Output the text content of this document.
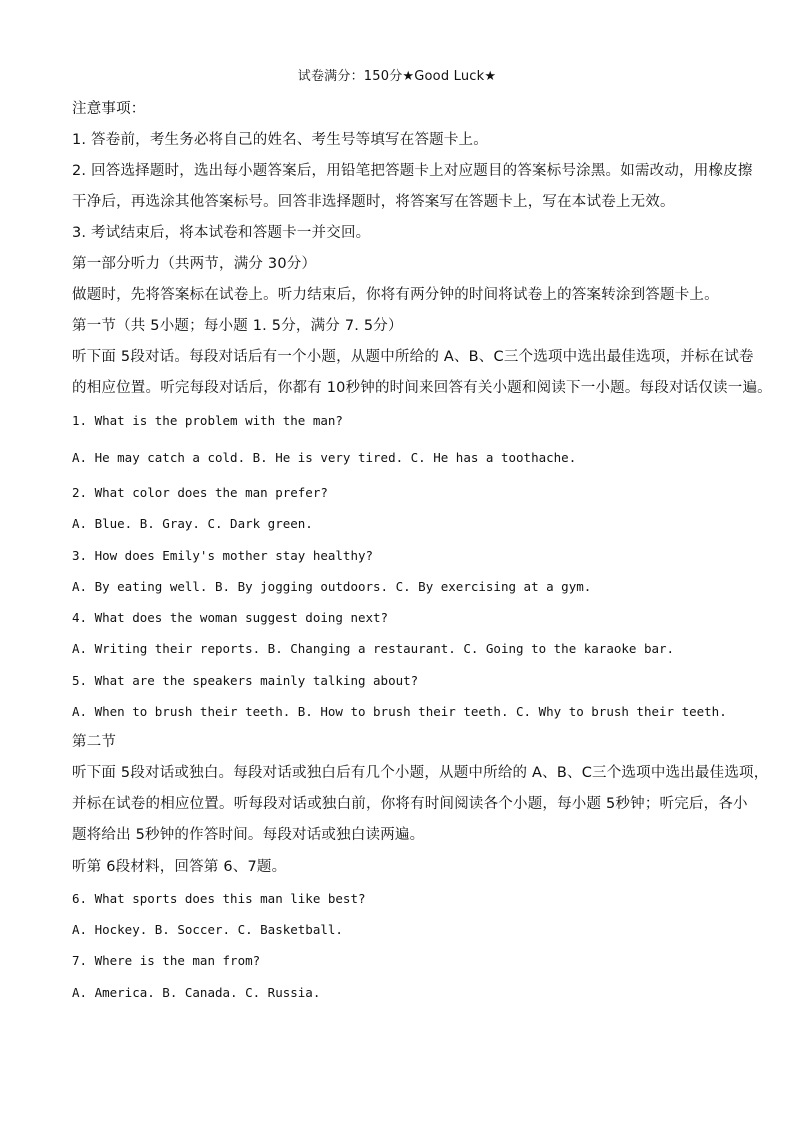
试卷满分：150分★Good Luck★
注意事项：
1. 答卷前，考生务必将自己的姓名、考生号等填写在答题卡上。
2. 回答选择题时，选出每小题答案后，用铅笔把答题卡上对应题目的答案标号涂黑。如需改动，用橡皮擦
干净后，再选涂其他答案标号。回答非选择题时，将答案写在答题卡上，写在本试卷上无效。
3. 考试结束后，将本试卷和答题卡一并交回。
第一部分听力（共两节，满分 30分）
做题时，先将答案标在试卷上。听力结束后，你将有两分钟的时间将试卷上的答案转涂到答题卡上。
第一节（共 5小题；每小题 1. 5分，满分 7. 5分）
听下面 5段对话。每段对话后有一个小题，从题中所给的 A、B、C三个选项中选出最佳选项，并标在试卷
的相应位置。听完每段对话后，你都有 10秒钟的时间来回答有关小题和阅读下一小题。每段对话仅读一遍。
1. What is the problem with the man?
A. He may catch a cold. B. He is very tired. C. He has a toothache.
2. What color does the man prefer?
A. Blue. B. Gray. C. Dark green.
3. How does Emily's mother stay healthy?
A. By eating well. B. By jogging outdoors. C. By exercising at a gym.
4. What does the woman suggest doing next?
A. Writing their reports. B. Changing a restaurant. C. Going to the karaoke bar.
5. What are the speakers mainly talking about?
A. When to brush their teeth. B. How to brush their teeth. C. Why to brush their teeth.
第二节
听下面 5段对话或独白。每段对话或独白后有几个小题，从题中所给的 A、B、C三个选项中选出最佳选项，
并标在试卷的相应位置。听每段对话或独白前，你将有时间阅读各个小题，每小题 5秒钟；听完后，各小
题将给出 5秒钟的作答时间。每段对话或独白读两遍。
听第 6段材料，回答第 6、7题。
6. What sports does this man like best?
A. Hockey. B. Soccer. C. Basketball.
7. Where is the man from?
A. America. B. Canada. C. Russia.
